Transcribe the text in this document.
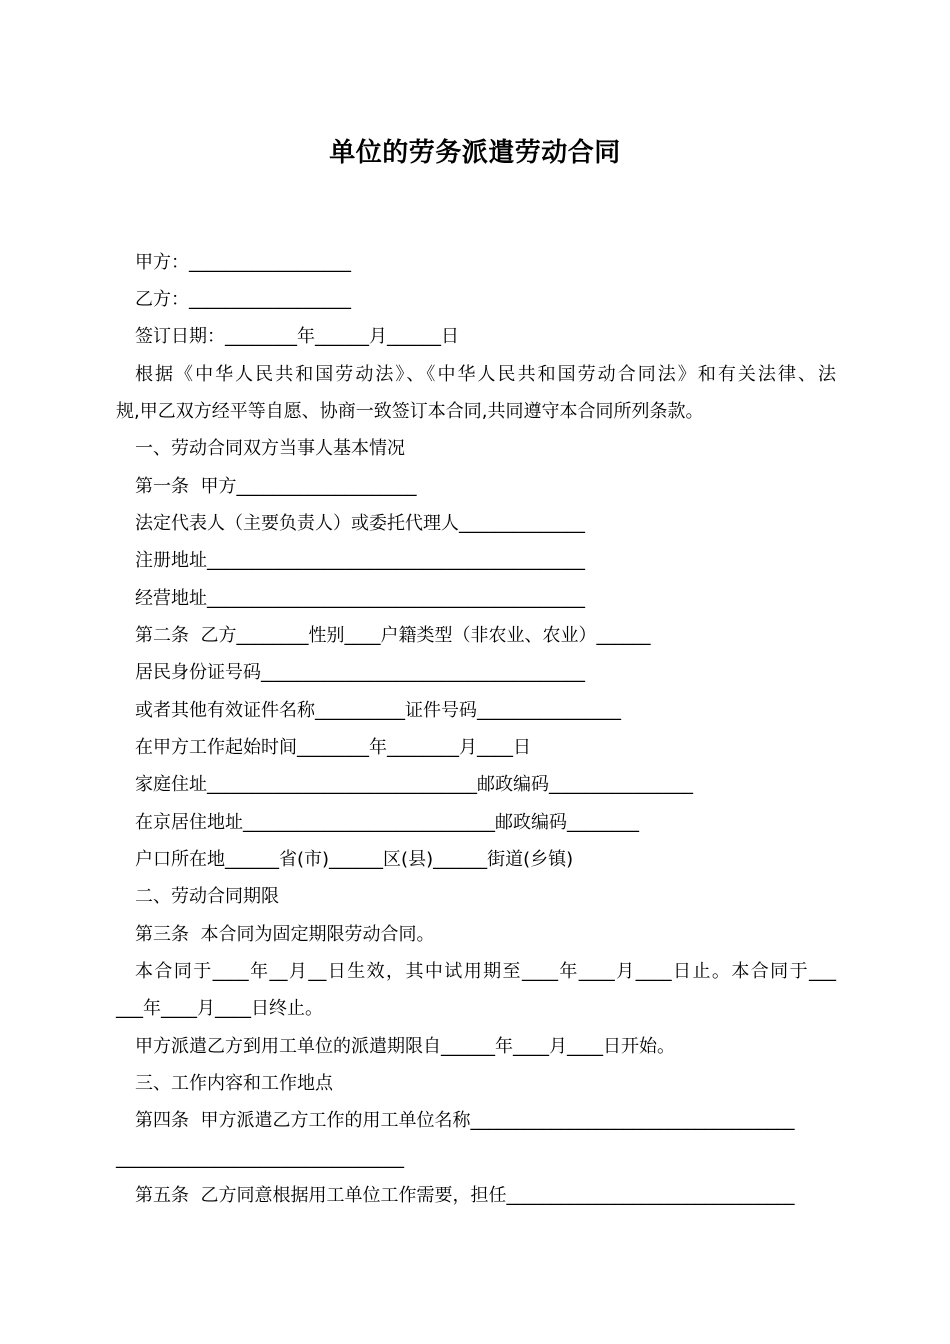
单位的劳务派遣劳动合同

甲方：__________________

乙方：__________________

签订日期：________年______月______日

根据《中华人民共和国劳动法》、《中华人民共和国劳动合同法》和有关法律、法

规,甲乙双方经平等自愿、协商一致签订本合同,共同遵守本合同所列条款。

一、劳动合同双方当事人基本情况

第一条  甲方____________________

法定代表人（主要负责人）或委托代理人______________

注册地址__________________________________________

经营地址__________________________________________

第二条  乙方________性别____户籍类型（非农业、农业）______

居民身份证号码____________________________________

或者其他有效证件名称__________证件号码________________

在甲方工作起始时间________年________月____日

家庭住址______________________________邮政编码________________

在京居住地址____________________________邮政编码________

户口所在地______省(市)______区(县)______街道(乡镇)

二、劳动合同期限

第三条  本合同为固定期限劳动合同。

本合同于____年__月__日生效，其中试用期至____年____月____日止。本合同于___

___年____月____日终止。

甲方派遣乙方到用工单位的派遣期限自______年____月____日开始。

三、工作内容和工作地点

第四条  甲方派遣乙方工作的用工单位名称____________________________________

________________________________

第五条  乙方同意根据用工单位工作需要，担任________________________________
